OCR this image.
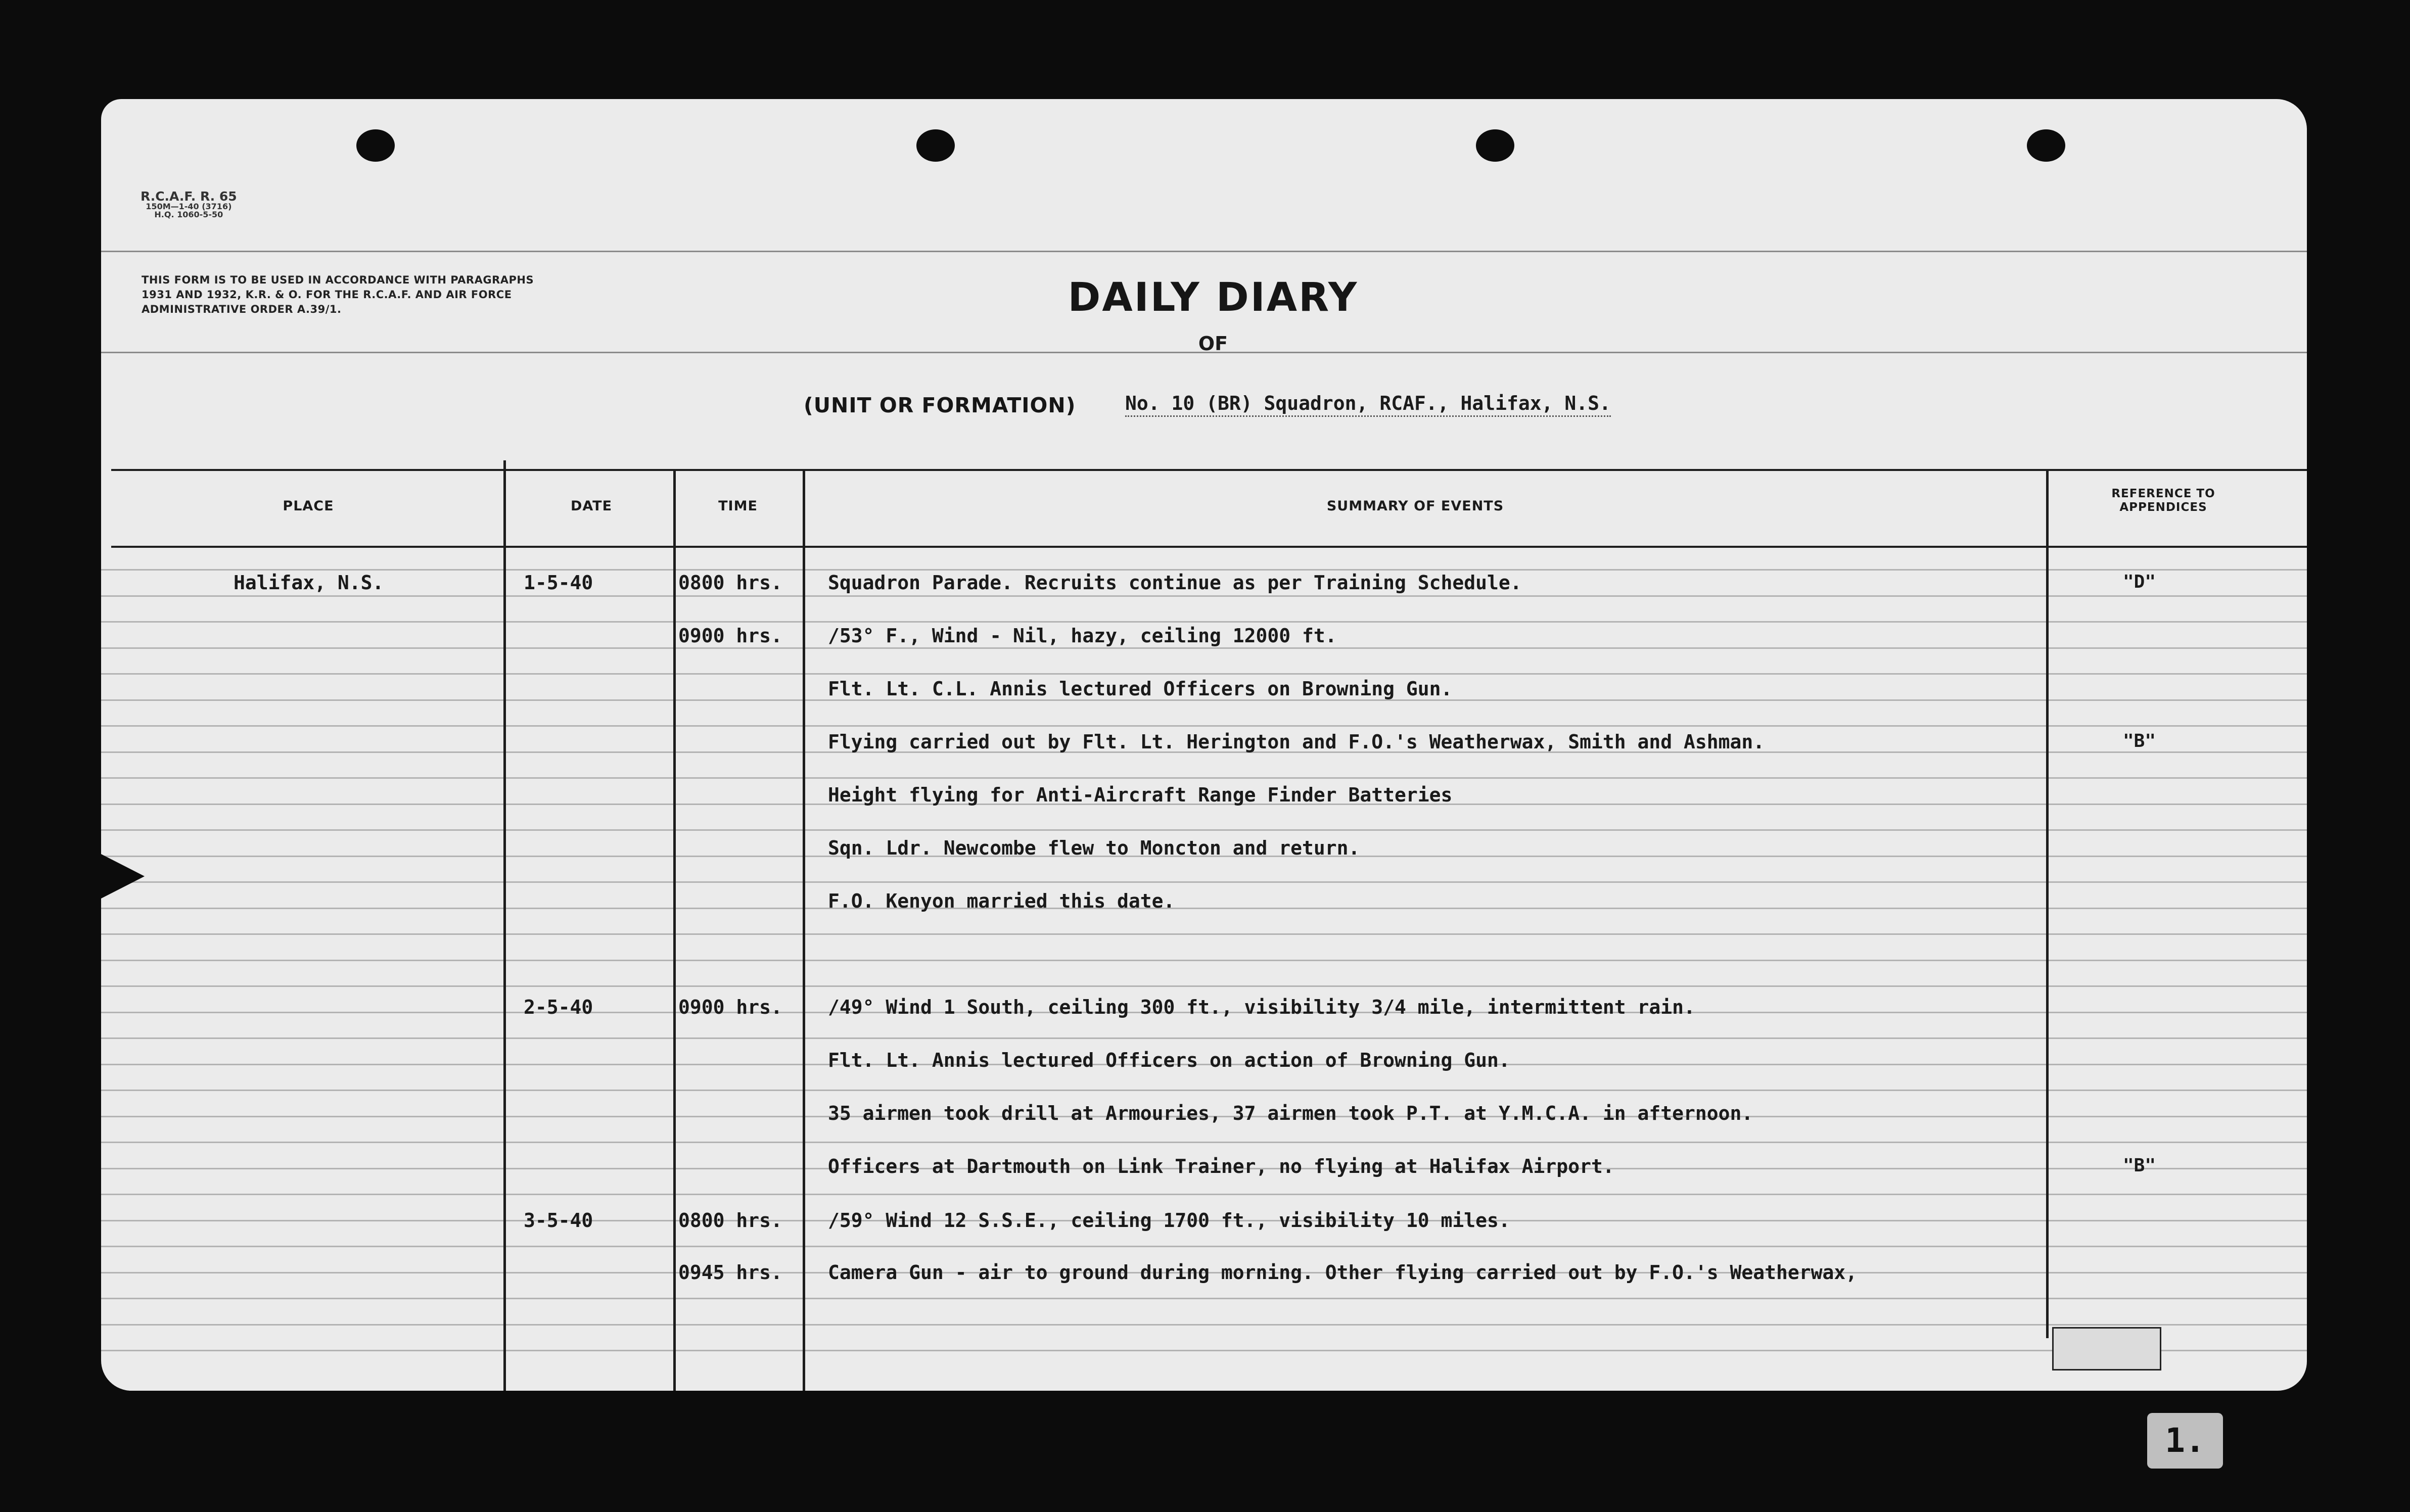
R.C.A.F. R. 65
150M—1-40 (3716)
H.Q. 1060-5-50
THIS FORM IS TO BE USED IN ACCORDANCE WITH PARAGRAPHS 1931 AND 1932, K.R. & O. FOR THE R.C.A.F. AND AIR FORCE ADMINISTRATIVE ORDER A.39/1.	DAILY DIARY
OF
(UNIT OR FORMATION)	No. 10 (BR) Squadron, RCAF., Halifax, N.S.
PLACE	DATE	TIME	SUMMARY OF EVENTS
REFERENCE TO APPENDICES
Halifax, N.S.	1-5-40	0800 hrs. Squadron Parade. Recruits continue as per Training Schedule.	"D"
0900 hrs. /53° F., Wind - Nil, hazy, ceiling 12000 ft.
Flt. Lt. C.L. Annis lectured Officers on Browning Gun.
Flying carried out by Flt. Lt. Herington and F.O.'s Weatherwax, Smith and Ashman.	"B"
Height flying for Anti-Aircraft Range Finder Batteries
Sqn. Ldr. Newcombe flew to Moncton and return.
F.O. Kenyon married this date.
2-5-40	0900 hrs. /49° Wind 1 South, ceiling 300 ft., visibility 3/4 mile, intermittent rain.
Flt. Lt. Annis lectured Officers on action of Browning Gun.
35 airmen took drill at Armouries, 37 airmen took P.T. at Y.M.C.A. in afternoon.
Officers at Dartmouth on Link Trainer, no flying at Halifax Airport.	"B"
3-5-40	0800 hrs. /59° Wind 12 S.S.E., ceiling 1700 ft., visibility 10 miles.
0945 hrs. Camera Gun - air to ground during morning. Other flying carried out by F.O.'s Weatherwax,
1.
